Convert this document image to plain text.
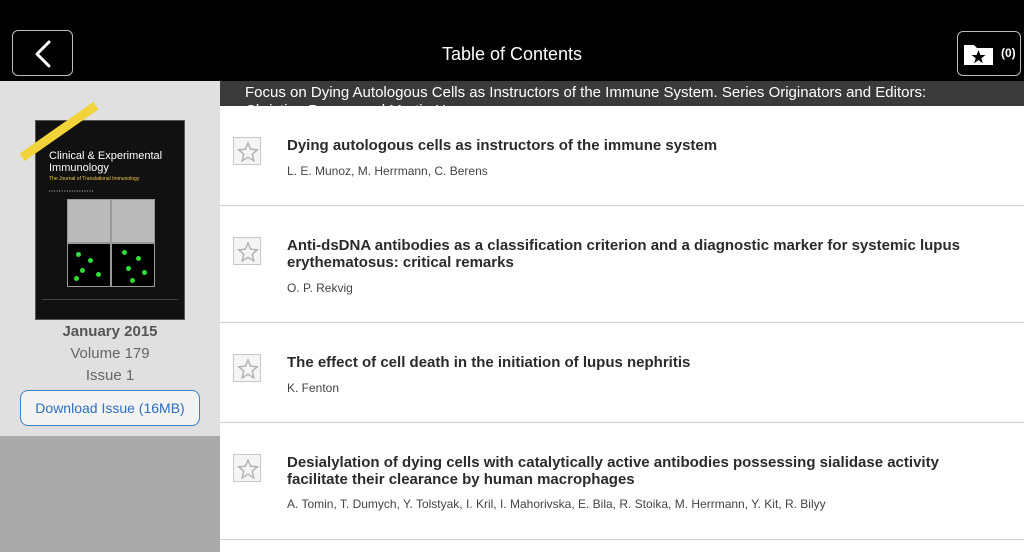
Table of Contents	(0)
Clinical & Experimental Immunology
The Journal of Translational Immunology
• • • • • • • • • • • • • • • • • •
January 2015
Volume 179
Issue 1
Download Issue (16MB)
Focus on Dying Autologous Cells as Instructors of the Immune System. Series Originators and Editors:
Dying autologous cells as instructors of the immune system
L. E. Munoz, M. Herrmann, C. Berens
Anti-dsDNA antibodies as a classification criterion and a diagnostic marker for systemic lupus erythematosus: critical remarks
O. P. Rekvig
The effect of cell death in the initiation of lupus nephritis
K. Fenton
Desialylation of dying cells with catalytically active antibodies possessing sialidase activity facilitate their clearance by human macrophages
A. Tomin, T. Dumych, Y. Tolstyak, I. Kril, I. Mahorivska, E. Bila, R. Stoika, M. Herrmann, Y. Kit, R. Bilyy
